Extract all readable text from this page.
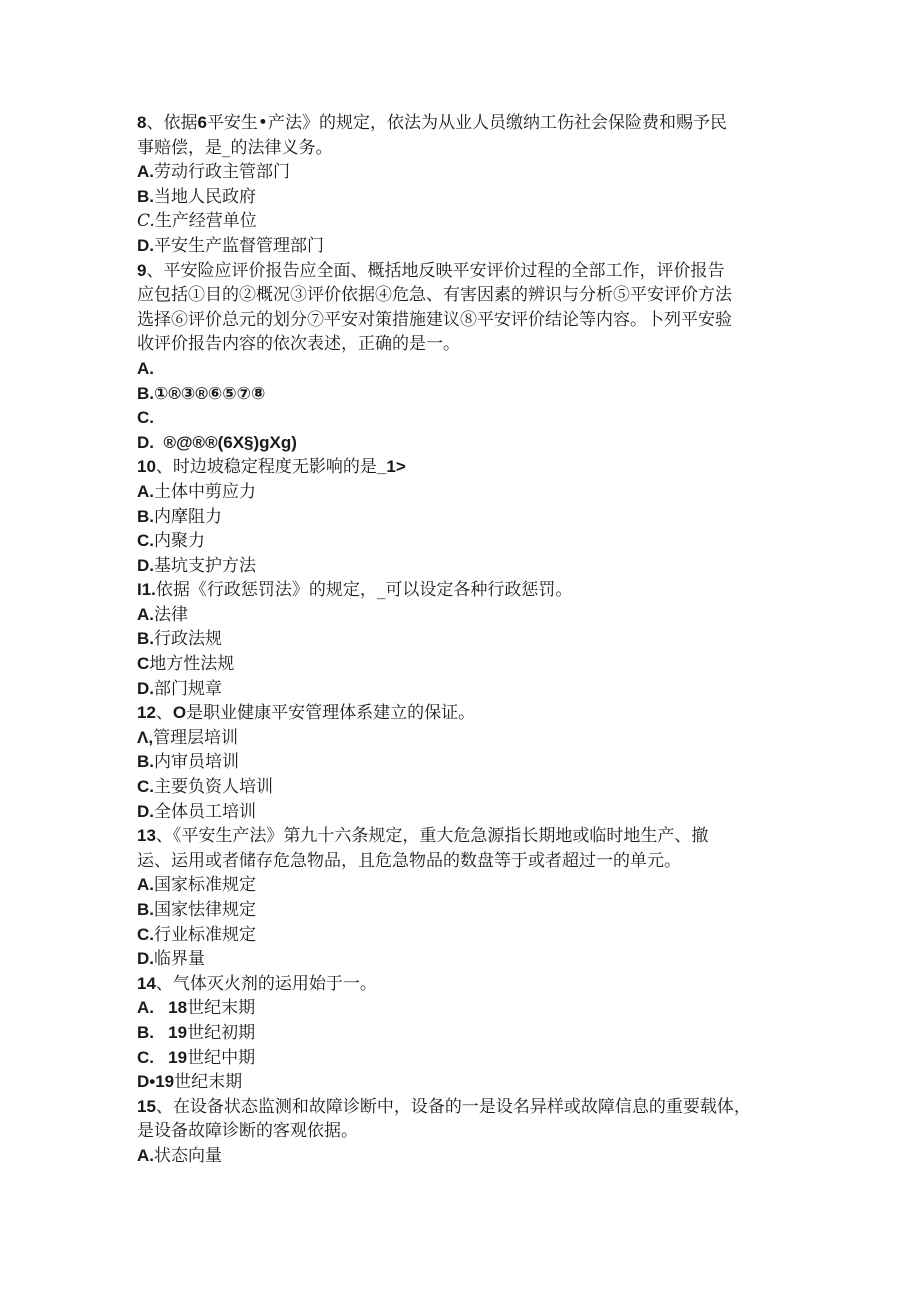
8、依据6平安生•产法》的规定，依法为从业人员缴纳工伤社会保险费和赐予民

事赔偿，是_的法律义务。

A.劳动行政主管部门

B.当地人民政府

C.生产经营单位

D.平安生产监督管理部门

9、平安险应评价报告应全面、概括地反映平安评价过程的全部工作，评价报告

应包括①目的②概况③评价依据④危急、有害因素的辨识与分析⑤平安评价方法

选择⑥评价总元的划分⑦平安对策措施建议⑧平安评价结论等内容。卜列平安验

收评价报告内容的依次表述，正确的是一。

A.

B.①®③®⑥⑤⑦⑧

C.

D.  ®@®®(6X§)gXg)

10、时边坡稳定程度无影响的是_1>

A.土体中剪应力

B.内摩阻力

C.内聚力

D.基坑支护方法

I1.依据《行政惩罚法》的规定，_可以设定各种行政惩罚。

A.法律

B.行政法规

C地方性法规

D.部门规章

12、O是职业健康平安管理体系建立的保证。

Λ,管理层培训

B.内审员培训

C.主要负资人培训

D.全体员工培训

13、《平安生产法》第九十六条规定，重大危急源指长期地或临时地生产、撤

运、运用或者储存危急物品，且危急物品的数盘等于或者超过一的单元。

A.国家标准规定

B.国家怯律规定

C.行业标准规定

D.临界量

14、气体灭火剂的运用始于一。

A.   18世纪末期

B.   19世纪初期

C.   19世纪中期

D•19世纪末期

15、在设备状态监测和故障诊断中，设备的一是设名异样或故障信息的重要载体，

是设备故障诊断的客观依据。

A.状态向量
